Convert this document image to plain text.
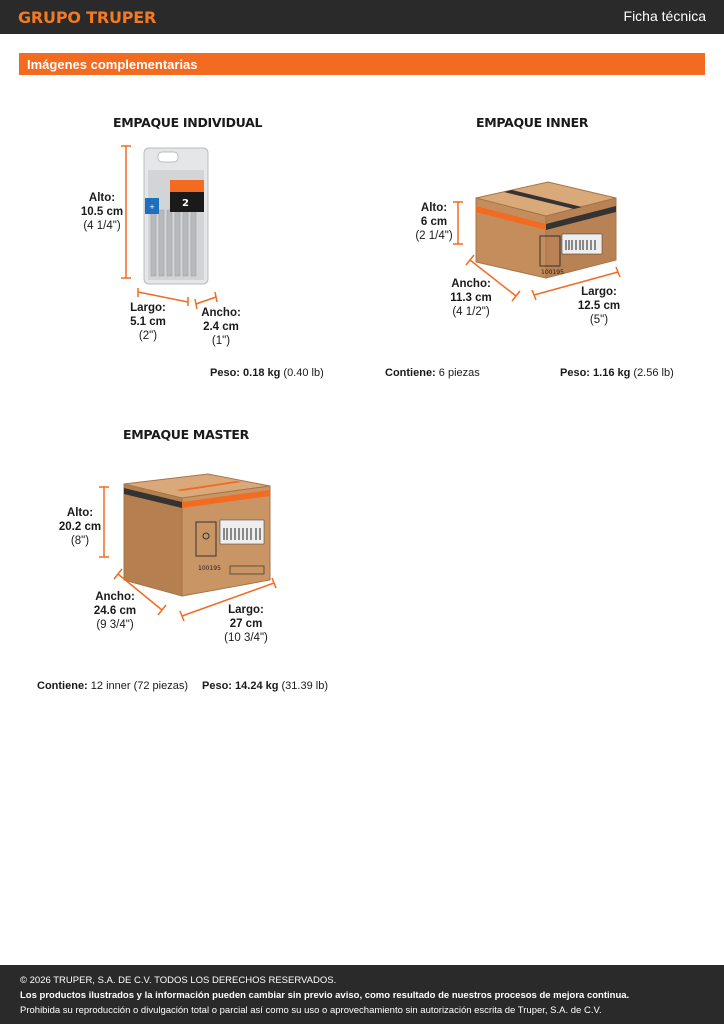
GRUPO TRUPER	Ficha técnica
Imágenes complementarias
EMPAQUE INDIVIDUAL
+	2
Alto:
10.5 cm
(4 1/4")
Largo:
5.1 cm
(2")
Ancho:
2.4 cm
(1")
Peso: 0.18 kg (0.40 lb)
EMPAQUE INNER
100195
Alto:
6 cm
(2 1/4")
Ancho:
11.3 cm
(4 1/2")
Largo:
12.5 cm
(5")
Contiene: 6 piezas	Peso: 1.16 kg (2.56 lb)
EMPAQUE MASTER
100195
Alto:
20.2 cm
(8")
Ancho:
24.6 cm
(9 3/4")
Largo:
27 cm
(10 3/4")
Contiene: 12 inner (72 piezas) Peso: 14.24 kg (31.39 lb)
© 2026 TRUPER, S.A. DE C.V. TODOS LOS DERECHOS RESERVADOS.
Los productos ilustrados y la información pueden cambiar sin previo aviso, como resultado de nuestros procesos de mejora continua.
Prohibida su reproducción o divulgación total o parcial así como su uso o aprovechamiento sin autorización escrita de Truper, S.A. de C.V.
